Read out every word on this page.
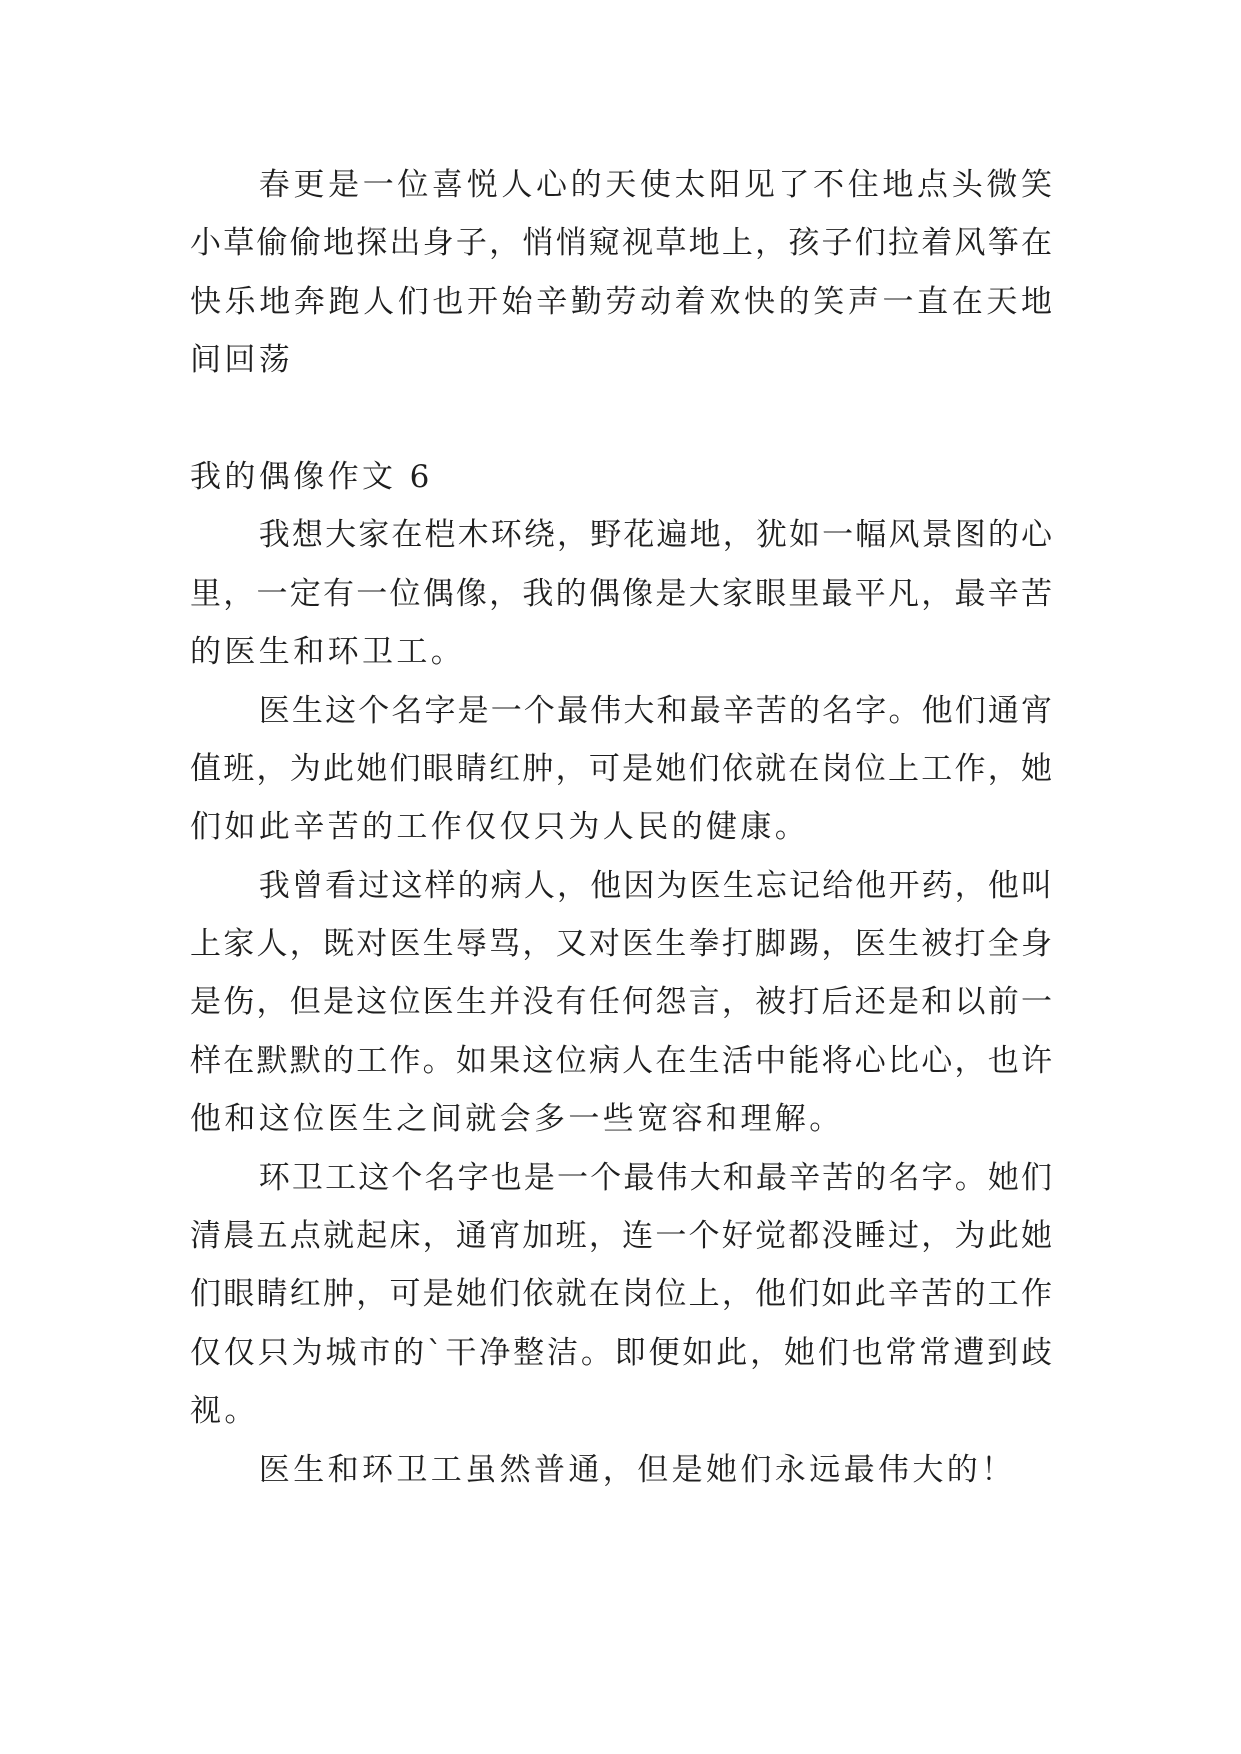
春更是一位喜悦人心的天使太阳见了不住地点头微笑
小草偷偷地探出身子，悄悄窥视草地上，孩子们拉着风筝在
快乐地奔跑人们也开始辛勤劳动着欢快的笑声一直在天地
间回荡
我的偶像作文 6
我想大家在桤木环绕，野花遍地，犹如一幅风景图的心
里，一定有一位偶像，我的偶像是大家眼里最平凡，最辛苦
的医生和环卫工。
医生这个名字是一个最伟大和最辛苦的名字。他们通宵
值班，为此她们眼睛红肿，可是她们依就在岗位上工作，她
们如此辛苦的工作仅仅只为人民的健康。
我曾看过这样的病人，他因为医生忘记给他开药，他叫
上家人，既对医生辱骂，又对医生拳打脚踢，医生被打全身
是伤，但是这位医生并没有任何怨言，被打后还是和以前一
样在默默的工作。如果这位病人在生活中能将心比心，也许
他和这位医生之间就会多一些宽容和理解。
环卫工这个名字也是一个最伟大和最辛苦的名字。她们
清晨五点就起床，通宵加班，连一个好觉都没睡过，为此她
们眼睛红肿，可是她们依就在岗位上，他们如此辛苦的工作
仅仅只为城市的`干净整洁。即便如此，她们也常常遭到歧
视。
医生和环卫工虽然普通，但是她们永远最伟大的！
